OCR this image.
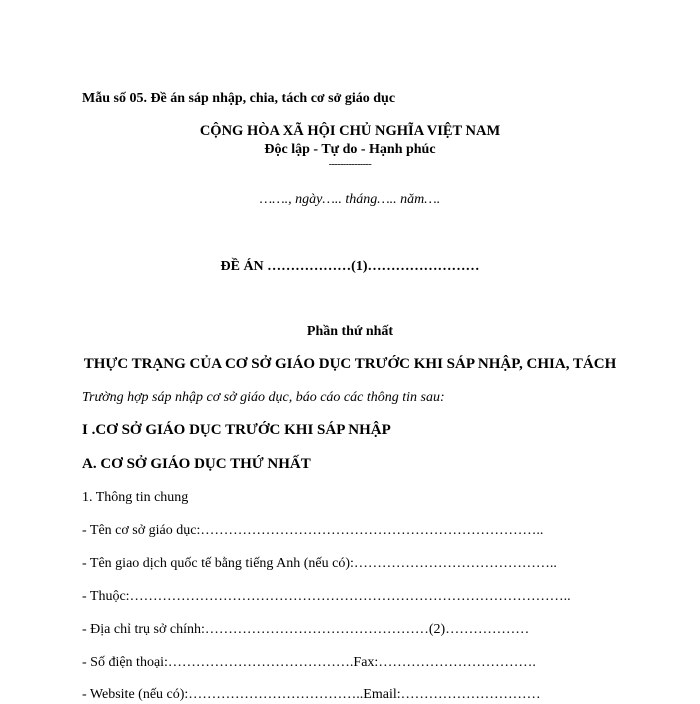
Mẫu số 05. Đề án sáp nhập, chia, tách cơ sở giáo dục
CỘNG HÒA XÃ HỘI CHỦ NGHĨA VIỆT NAM
Độc lập - Tự do - Hạnh phúc
---------------
……., ngày….. tháng….. năm….
ĐỀ ÁN ………………(1)……………………
Phần thứ nhất
THỰC TRẠNG CỦA CƠ SỞ GIÁO DỤC TRƯỚC KHI SÁP NHẬP, CHIA, TÁCH
Trường hợp sáp nhập cơ sở giáo dục, báo cáo các thông tin sau:
I .CƠ SỞ GIÁO DỤC TRƯỚC KHI SÁP NHẬP
A. CƠ SỞ GIÁO DỤC THỨ NHẤT
1. Thông tin chung
- Tên cơ sở giáo dục:………………………………………………………………..
- Tên giao dịch quốc tế bằng tiếng Anh (nếu có):……………………………………..
- Thuộc:…………………………………………………………………………………..
- Địa chỉ trụ sở chính:…………………………………………(2)………………
- Số điện thoại:………………………………….Fax:…………………………….
- Website (nếu có):………………………………..Email:…………………………
